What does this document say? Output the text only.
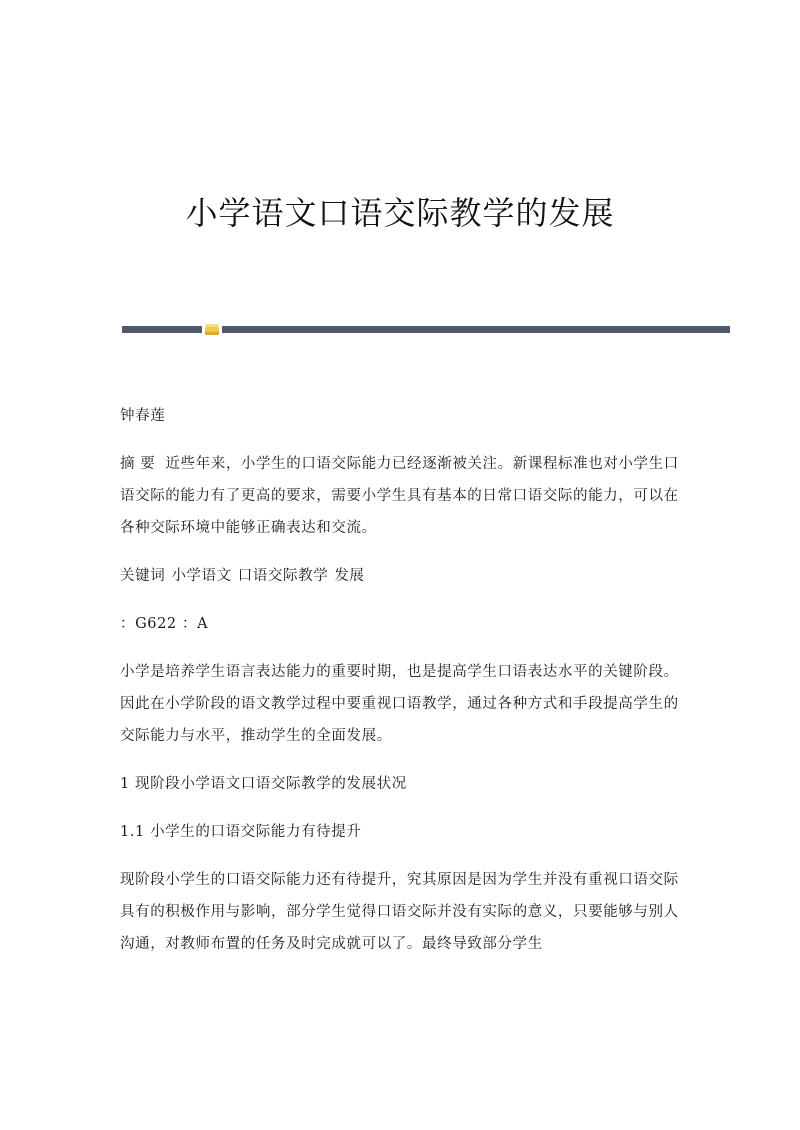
小学语文口语交际教学的发展

钟春莲

摘 要 近些年来，小学生的口语交际能力已经逐渐被关注。新课程标准也对小学生口语交际的能力有了更高的要求，需要小学生具有基本的日常口语交际的能力，可以在各种交际环境中能够正确表达和交流。

关键词 小学语文 口语交际教学 发展

：G622 ：A

小学是培养学生语言表达能力的重要时期，也是提高学生口语表达水平的关键阶段。因此在小学阶段的语文教学过程中要重视口语教学，通过各种方式和手段提高学生的交际能力与水平，推动学生的全面发展。

1 现阶段小学语文口语交际教学的发展状况

1.1 小学生的口语交际能力有待提升

现阶段小学生的口语交际能力还有待提升，究其原因是因为学生并没有重视口语交际具有的积极作用与影响，部分学生觉得口语交际并没有实际的意义，只要能够与别人沟通，对教师布置的任务及时完成就可以了。最终导致部分学生
